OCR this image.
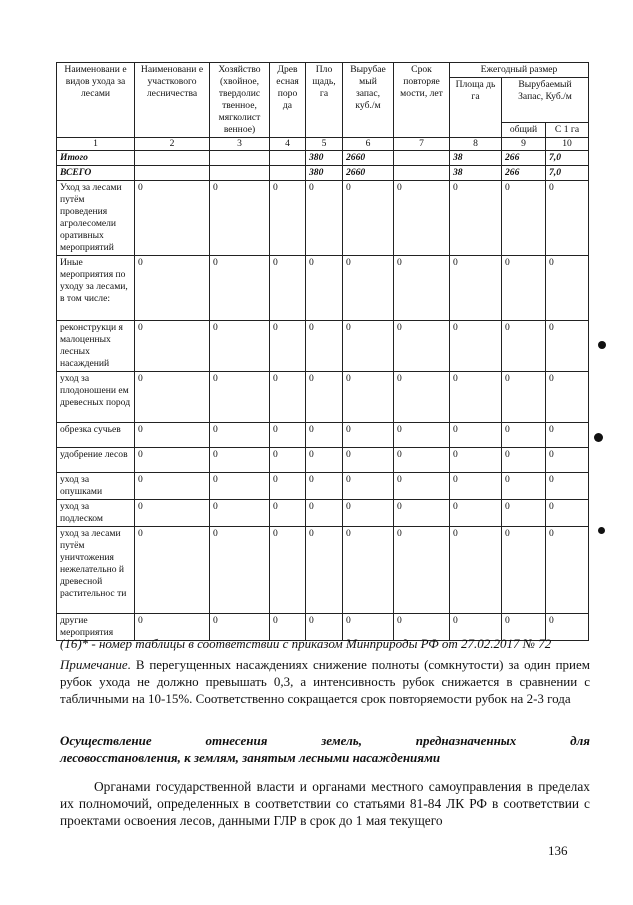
Наименовани е видов ухода за лесами	Наименовани е участкового лесничества	Хозяйство (хвойное, твердолис твенное, мягколист венное)	Древ есная поро да	Пло щадь, га	Вырубае мый запас, куб./м	Срок повторяе мости, лет	Ежегодный размер		
							Площа дь га	Вырубаемый Запас, Куб./м	
								общий	С 1 га
1	2	3	4	5	6	7	8	9	10
Итого				380	2660		38	266	7,0
ВСЕГО				380	2660		38	266	7,0
Уход за лесами путём проведения агролесомели оративных мероприятий	0	0	0	0	0	0	0	0	0
Иные мероприятия по уходу за лесами, в том числе:	0	0	0	0	0	0	0	0	0
реконструкци я малоценных лесных насаждений	0	0	0	0	0	0	0	0	0
уход за плодоношени ем древесных пород	0	0	0	0	0	0	0	0	0
обрезка сучьев	0	0	0	0	0	0	0	0	0
удобрение лесов	0	0	0	0	0	0	0	0	0
уход за опушками	0	0	0	0	0	0	0	0	0
уход за подлеском	0	0	0	0	0	0	0	0	0
уход за лесами путём уничтожения нежелательно й древесной растительнос ти	0	0	0	0	0	0	0	0	0
другие мероприятия	0	0	0	0	0	0	0	0	0
(16)* - номер таблицы в соответствии с приказом Минприроды РФ от 27.02.2017 № 72
Примечание. В перегущенных насаждениях снижение полноты (сомкнутости) за один прием рубок ухода не должно превышать 0,3, а интенсивность рубок снижается в сравнении с табличными на 10-15%. Соответственно сокращается срок повторяемости рубок на 2-3 года
Осуществление	отнесения	земель,	предназначенных	для
лесовосстановления, к землям, занятым лесными насаждениями
Органами государственной власти и органами местного самоуправления в пределах их полномочий, определенных в соответствии со статьями 81-84 ЛК РФ в соответствии с проектами освоения лесов, данными ГЛР в срок до 1 мая текущего
136
